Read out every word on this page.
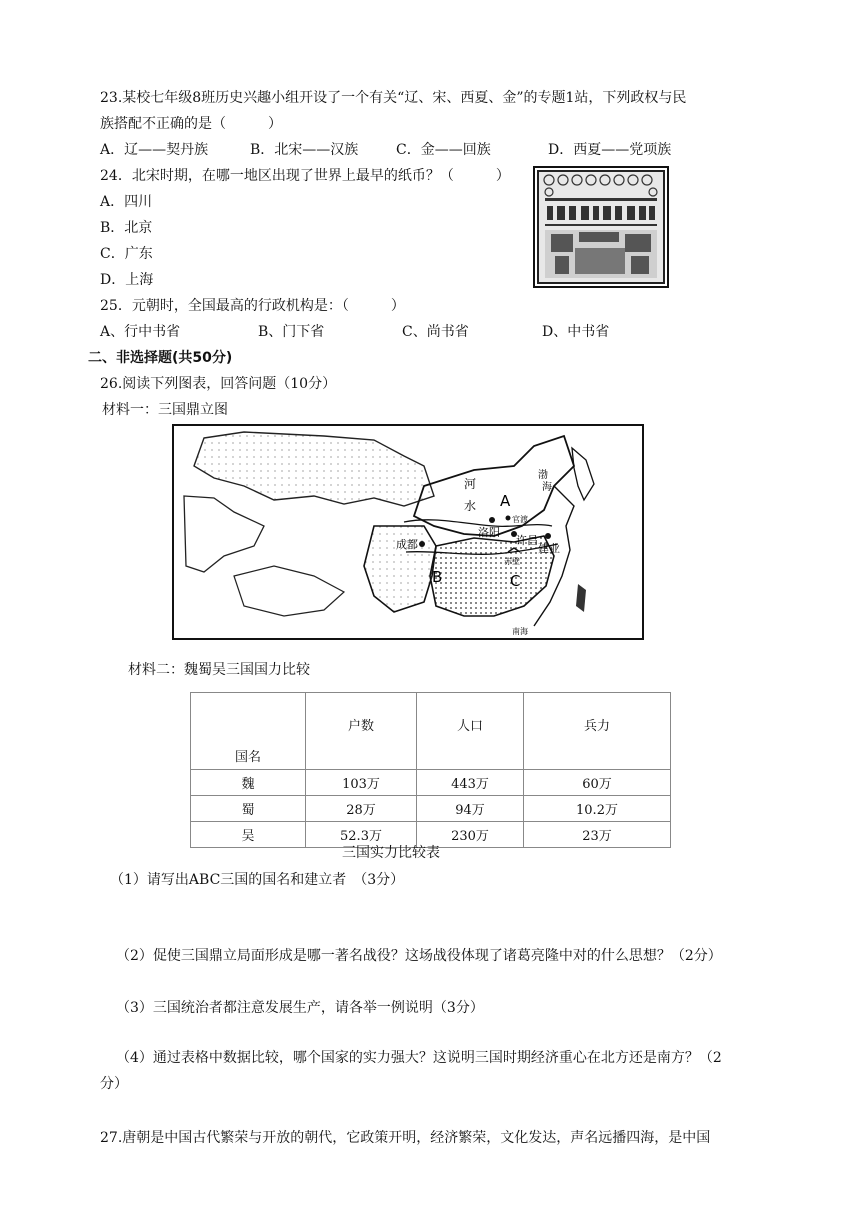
23.某校七年级8班历史兴趣小组开设了一个有关“辽、宋、西夏、金”的专题1站，下列政权与民
族搭配不正确的是（　　　）
A．辽——契丹族	B．北宋——汉族	C．金——回族	D．西夏——党项族
24．北宋时期，在哪一地区出现了世界上最早的纸币？（　　　）
A．四川
B．北京
C．广东
D．上海
25．元朝时，全国最高的行政机构是：（　　　）
A、行中书省	B、门下省	C、尚书省	D、中书省
二、非选择题(共50分)
26.阅读下列图表，回答问题（10分）
材料一：三国鼎立图
河
水 A
渤
海
官渡
洛阳
许昌
成都	建业
赤壁
B	C
南海
材料二：魏蜀吴三国国力比较
国名	户数	人口	兵力
魏	103万	443万	60万
蜀	28万	94万	10.2万
吴	52.3万	230万	23万
三国实力比较表
（1）请写出ABC三国的国名和建立者　（3分）
（2）促使三国鼎立局面形成是哪一著名战役？这场战役体现了诸葛亮隆中对的什么思想？（2分）
（3）三国统治者都注意发展生产，请各举一例说明（3分）
（4）通过表格中数据比较，哪个国家的实力强大？这说明三国时期经济重心在北方还是南方？（2
分）
27.唐朝是中国古代繁荣与开放的朝代，它政策开明，经济繁荣，文化发达，声名远播四海，是中国
